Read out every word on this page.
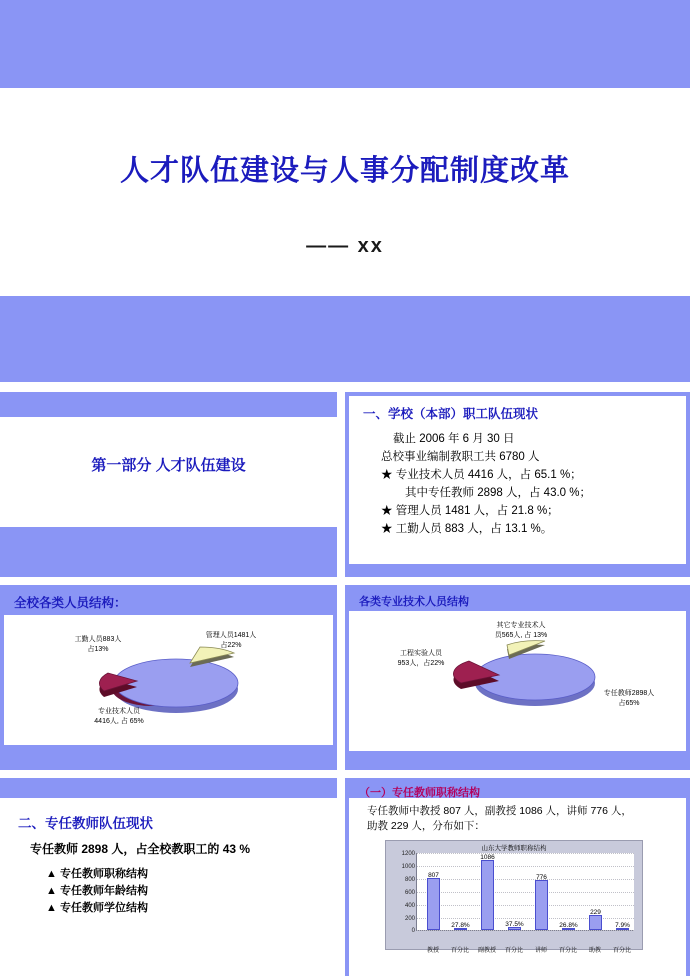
人才队伍建设与人事分配制度改革
—— xx
第一部分 人才队伍建设
一、学校（本部）职工队伍现状
截止 2006 年 6 月 30 日
总校事业编制教职工共 6780 人
★ 专业技术人员 4416 人，占 65.1 %；
其中专任教师 2898 人，占 43.0 %；
★ 管理人员 1481 人，占 21.8 %；
★ 工勤人员 883 人，占 13.1 %。
全校各类人员结构：
管理人员1481人
占22%
工勤人员883人
占13%
专业技术人员
4416人, 占 65%
各类专业技术人员结构
其它专业技术人
员565人, 占 13%
工程实验人员
953人，占22%
专任教师2898人
占65%
二、专任教师队伍现状
专任教师 2898 人，占全校教职工的 43 %
▲ 专任教师职称结构
▲ 专任教师年龄结构
▲ 专任教师学位结构
（一）专任教师职称结构
专任教师中教授 807 人，副教授 1086 人，讲师 776 人，
助教 229 人，分布如下：
山东大学教师职称结构
1200
1000
800
600
400
200
0
807
27.8%
1086
37.5%
776
26.8%
229
7.9%
教授	百分比	副教授	百分比	讲师	百分比	助教	百分比
